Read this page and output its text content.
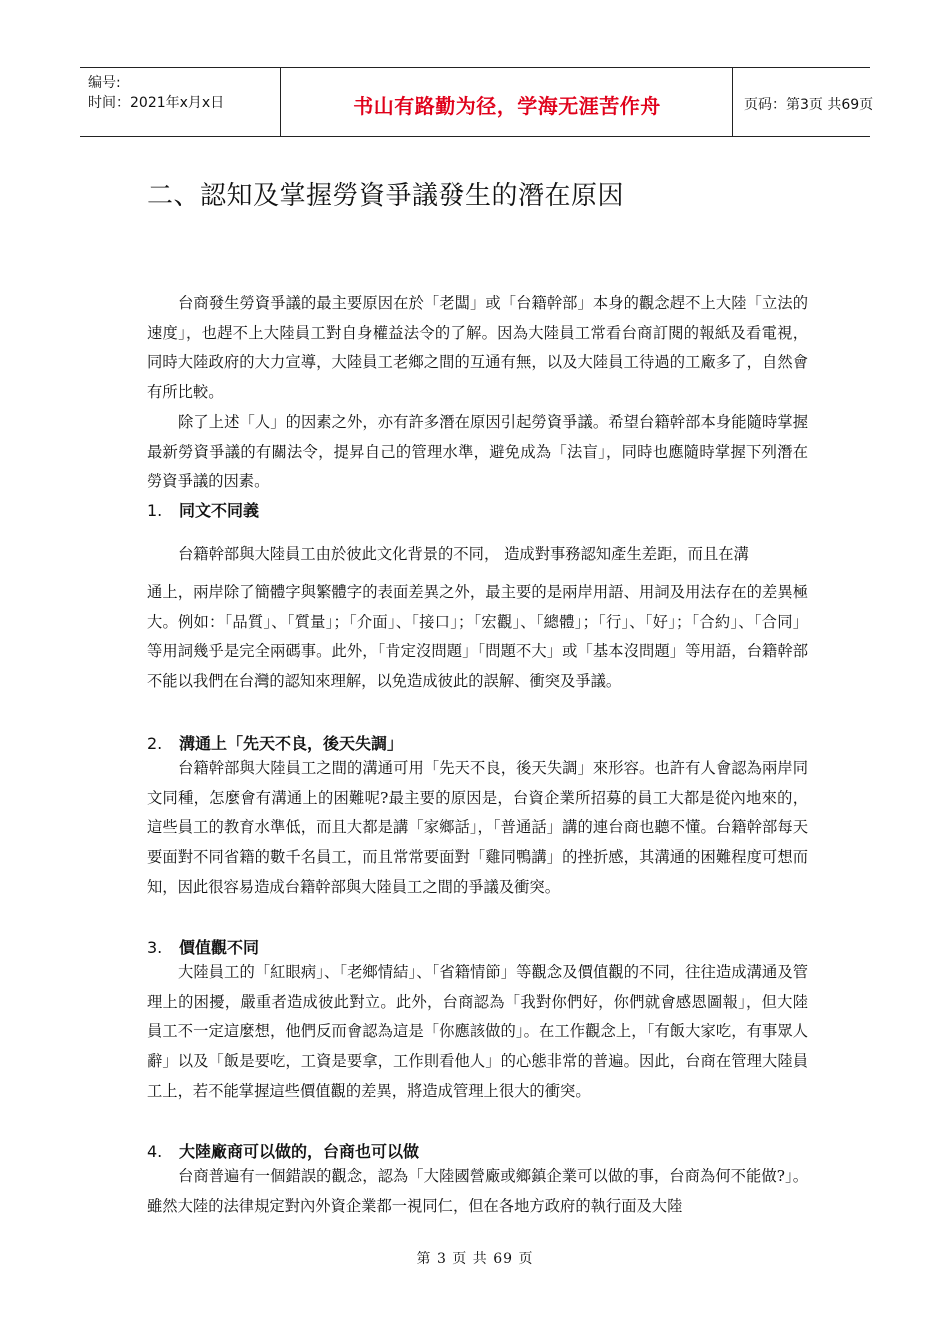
编号:
时间：2021年x月x日	书山有路勤为径，学海无涯苦作舟	页码：第3页 共69页
二、認知及掌握勞資爭議發生的潛在原因

台商發生勞資爭議的最主要原因在於「老闆」或「台籍幹部」本身的觀念趕不上大陸「立法的速度」，也趕不上大陸員工對自身權益法令的了解。因為大陸員工常看台商訂閱的報紙及看電視，同時大陸政府的大力宣導，大陸員工老鄉之間的互通有無，以及大陸員工待過的工廠多了，自然會有所比較。

除了上述「人」的因素之外，亦有許多潛在原因引起勞資爭議。希望台籍幹部本身能隨時掌握最新勞資爭議的有關法令，提昇自己的管理水準，避免成為「法盲」，同時也應隨時掌握下列潛在勞資爭議的因素。

1. 同文不同義

台籍幹部與大陸員工由於彼此文化背景的不同， 造成對事務認知產生差距，而且在溝

通上，兩岸除了簡體字與繁體字的表面差異之外，最主要的是兩岸用語、用詞及用法存在的差異極大。例如：「品質」、「質量」；「介面」、「接口」；「宏觀」、「總體」；「行」、「好」；「合約」、「合同」等用詞幾乎是完全兩碼事。此外，「肯定沒問題」「問題不大」或「基本沒問題」等用語，台籍幹部不能以我們在台灣的認知來理解，以免造成彼此的誤解、衝突及爭議。

2. 溝通上「先天不良，後天失調」

台籍幹部與大陸員工之間的溝通可用「先天不良，後天失調」來形容。也許有人會認為兩岸同文同種，怎麼會有溝通上的困難呢?最主要的原因是，台資企業所招募的員工大都是從內地來的，這些員工的教育水準低，而且大都是講「家鄉話」，「普通話」講的連台商也聽不懂。台籍幹部每天要面對不同省籍的數千名員工，而且常常要面對「雞同鴨講」的挫折感，其溝通的困難程度可想而知，因此很容易造成台籍幹部與大陸員工之間的爭議及衝突。

3. 價值觀不同

大陸員工的「紅眼病」、「老鄉情結」、「省籍情節」等觀念及價值觀的不同，往往造成溝通及管理上的困擾，嚴重者造成彼此對立。此外，台商認為「我對你們好，你們就會感恩圖報」，但大陸員工不一定這麼想，他們反而會認為這是「你應該做的」。在工作觀念上，「有飯大家吃，有事眾人辭」以及「飯是要吃，工資是要拿，工作則看他人」的心態非常的普遍。因此，台商在管理大陸員工上，若不能掌握這些價值觀的差異，將造成管理上很大的衝突。

4. 大陸廠商可以做的，台商也可以做

台商普遍有一個錯誤的觀念，認為「大陸國營廠或鄉鎮企業可以做的事，台商為何不能做?」。雖然大陸的法律規定對內外資企業都一視同仁，但在各地方政府的執行面及大陸

第 3 页 共 69 页
